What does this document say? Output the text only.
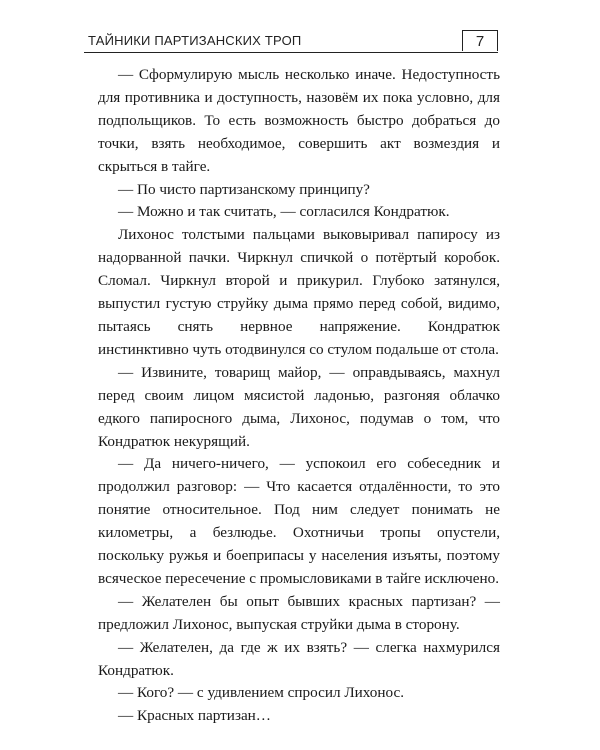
ТАЙНИКИ ПАРТИЗАНСКИХ ТРОП	7

— Сформулирую мысль несколько иначе. Недоступность для противника и доступность, назовём их пока условно, для подпольщиков. То есть возможность быстро добраться до точки, взять необходимое, совершить акт возмездия и скрыться в тайге.

— По чисто партизанскому принципу?

— Можно и так считать, — согласился Кондратюк.

Лихонос толстыми пальцами выковыривал папиросу из надорванной пачки. Чиркнул спичкой о потёртый коробок. Сломал. Чиркнул второй и прикурил. Глубоко затянулся, выпустил густую струйку дыма прямо перед собой, видимо, пытаясь снять нервное напряжение. Кондратюк инстинктивно чуть отодвинулся со стулом подальше от стола.

— Извините, товарищ майор, — оправдываясь, махнул перед своим лицом мясистой ладонью, разгоняя облачко едкого папиросного дыма, Лихонос, подумав о том, что Кондратюк некурящий.

— Да ничего-ничего, — успокоил его собеседник и продолжил разговор: — Что касается отдалённости, то это понятие относительное. Под ним следует понимать не километры, а безлюдье. Охотничьи тропы опустели, поскольку ружья и боеприпасы у населения изъяты, поэтому всяческое пересечение с промысловиками в тайге исключено.

— Желателен бы опыт бывших красных партизан? — предложил Лихонос, выпуская струйки дыма в сторону.

— Желателен, да где ж их взять? — слегка нахмурился Кондратюк.

— Кого? — с удивлением спросил Лихонос.

— Красных партизан…
